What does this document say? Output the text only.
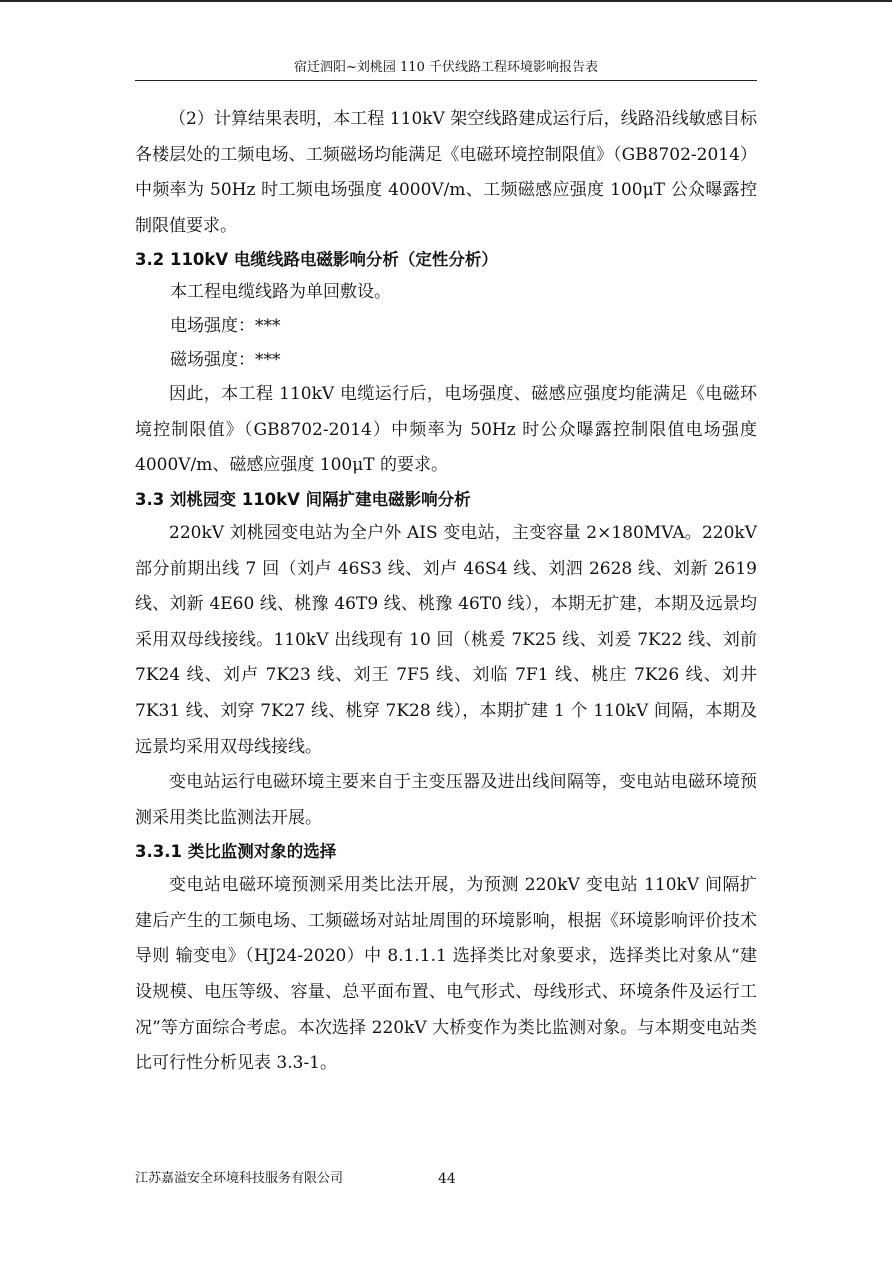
宿迁泗阳~刘桃园 110 千伏线路工程环境影响报告表

（2）计算结果表明，本工程 110kV 架空线路建成运行后，线路沿线敏感目标各楼层处的工频电场、工频磁场均能满足《电磁环境控制限值》（GB8702-2014）中频率为 50Hz 时工频电场强度 4000V/m、工频磁感应强度 100μT 公众曝露控制限值要求。

3.2 110kV 电缆线路电磁影响分析（定性分析）

本工程电缆线路为单回敷设。

电场强度：***

磁场强度：***

因此，本工程 110kV 电缆运行后，电场强度、磁感应强度均能满足《电磁环境控制限值》（GB8702-2014）中频率为 50Hz 时公众曝露控制限值电场强度 4000V/m、磁感应强度 100μT 的要求。

3.3 刘桃园变 110kV 间隔扩建电磁影响分析

220kV 刘桃园变电站为全户外 AIS 变电站，主变容量 2×180MVA。220kV 部分前期出线 7 回（刘卢 46S3 线、刘卢 46S4 线、刘泗 2628 线、刘新 2619 线、刘新 4E60 线、桃豫 46T9 线、桃豫 46T0 线），本期无扩建，本期及远景均采用双母线接线。110kV 出线现有 10 回（桃爰 7K25 线、刘爰 7K22 线、刘前 7K24 线、刘卢 7K23 线、刘王 7F5 线、刘临 7F1 线、桃庄 7K26 线、刘井 7K31 线、刘穿 7K27 线、桃穿 7K28 线），本期扩建 1 个 110kV 间隔，本期及远景均采用双母线接线。

变电站运行电磁环境主要来自于主变压器及进出线间隔等，变电站电磁环境预测采用类比监测法开展。

3.3.1 类比监测对象的选择

变电站电磁环境预测采用类比法开展，为预测 220kV 变电站 110kV 间隔扩建后产生的工频电场、工频磁场对站址周围的环境影响，根据《环境影响评价技术导则 输变电》（HJ24-2020）中 8.1.1.1 选择类比对象要求，选择类比对象从“建设规模、电压等级、容量、总平面布置、电气形式、母线形式、环境条件及运行工况”等方面综合考虑。本次选择 220kV 大桥变作为类比监测对象。与本期变电站类比可行性分析见表 3.3-1。

江苏嘉溢安全环境科技服务有限公司	44
